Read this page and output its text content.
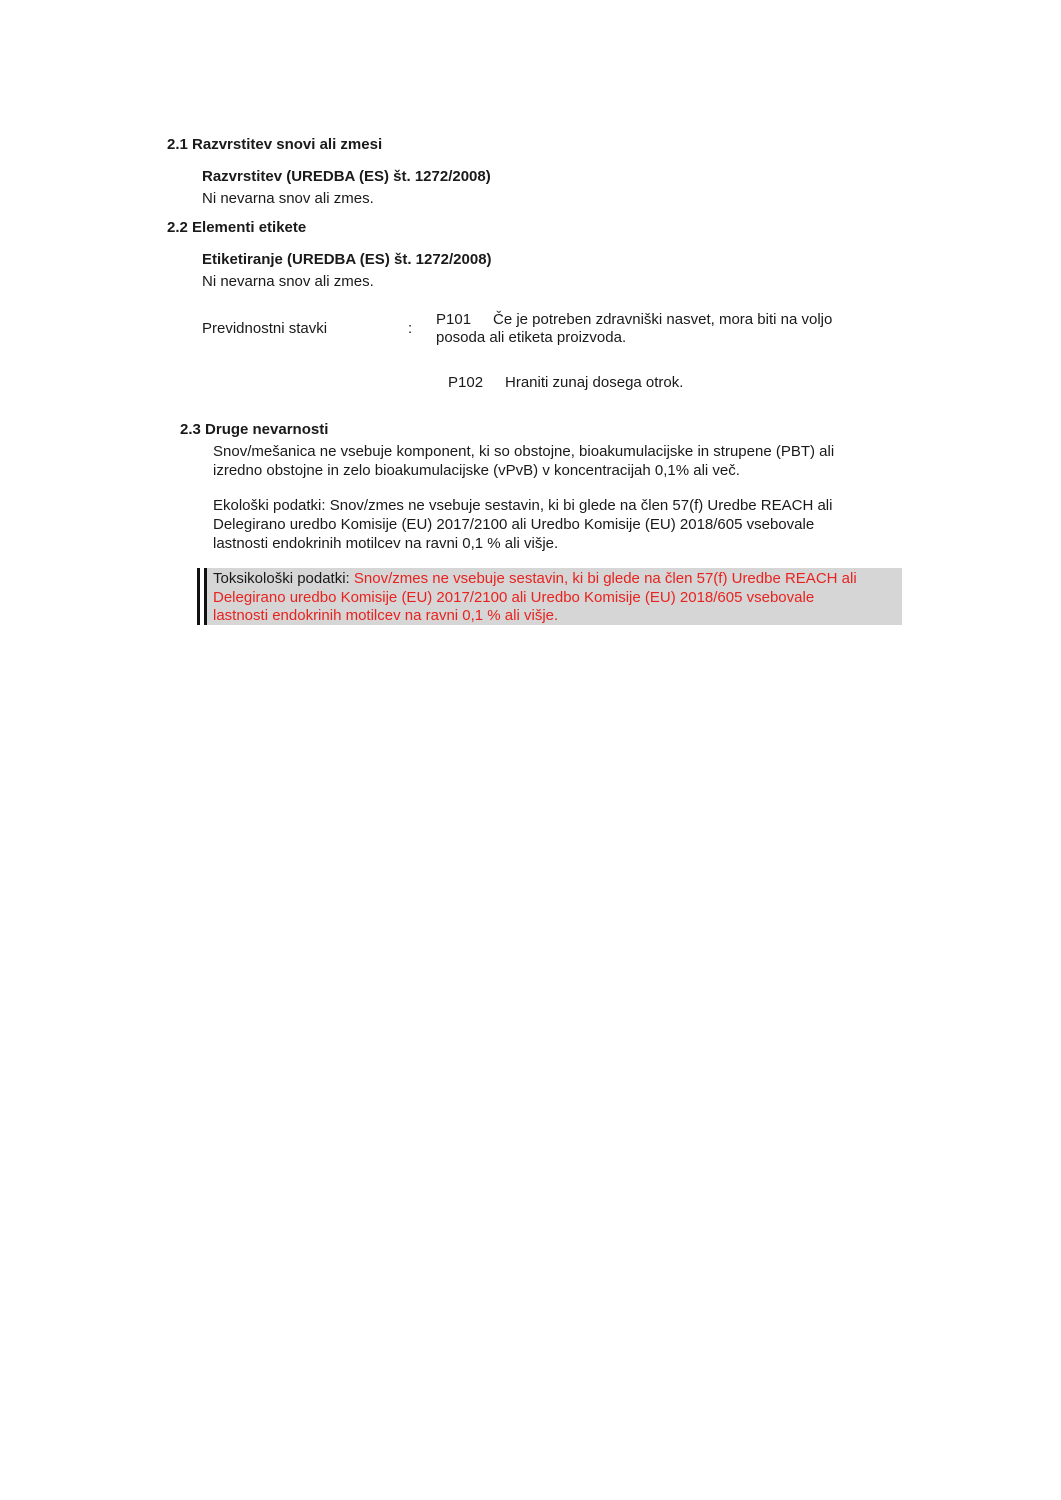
2.1 Razvrstitev snovi ali zmesi
Razvrstitev (UREDBA (ES) št. 1272/2008)
Ni nevarna snov ali zmes.
2.2 Elementi etikete
Etiketiranje (UREDBA (ES) št. 1272/2008)
Ni nevarna snov ali zmes.
Previdnostni stavki	:
P101 Če je potreben zdravniški nasvet, mora biti na voljo
posoda ali etiketa proizvoda.
P102 Hraniti zunaj dosega otrok.
2.3 Druge nevarnosti
Snov/mešanica ne vsebuje komponent, ki so obstojne, bioakumulacijske in strupene (PBT) ali
izredno obstojne in zelo bioakumulacijske (vPvB) v koncentracijah 0,1% ali več.
Ekološki podatki: Snov/zmes ne vsebuje sestavin, ki bi glede na člen 57(f) Uredbe REACH ali
Delegirano uredbo Komisije (EU) 2017/2100 ali Uredbo Komisije (EU) 2018/605 vsebovale
lastnosti endokrinih motilcev na ravni 0,1 % ali višje.
Toksikološki podatki: Snov/zmes ne vsebuje sestavin, ki bi glede na člen 57(f) Uredbe REACH ali
Delegirano uredbo Komisije (EU) 2017/2100 ali Uredbo Komisije (EU) 2018/605 vsebovale
lastnosti endokrinih motilcev na ravni 0,1 % ali višje.
